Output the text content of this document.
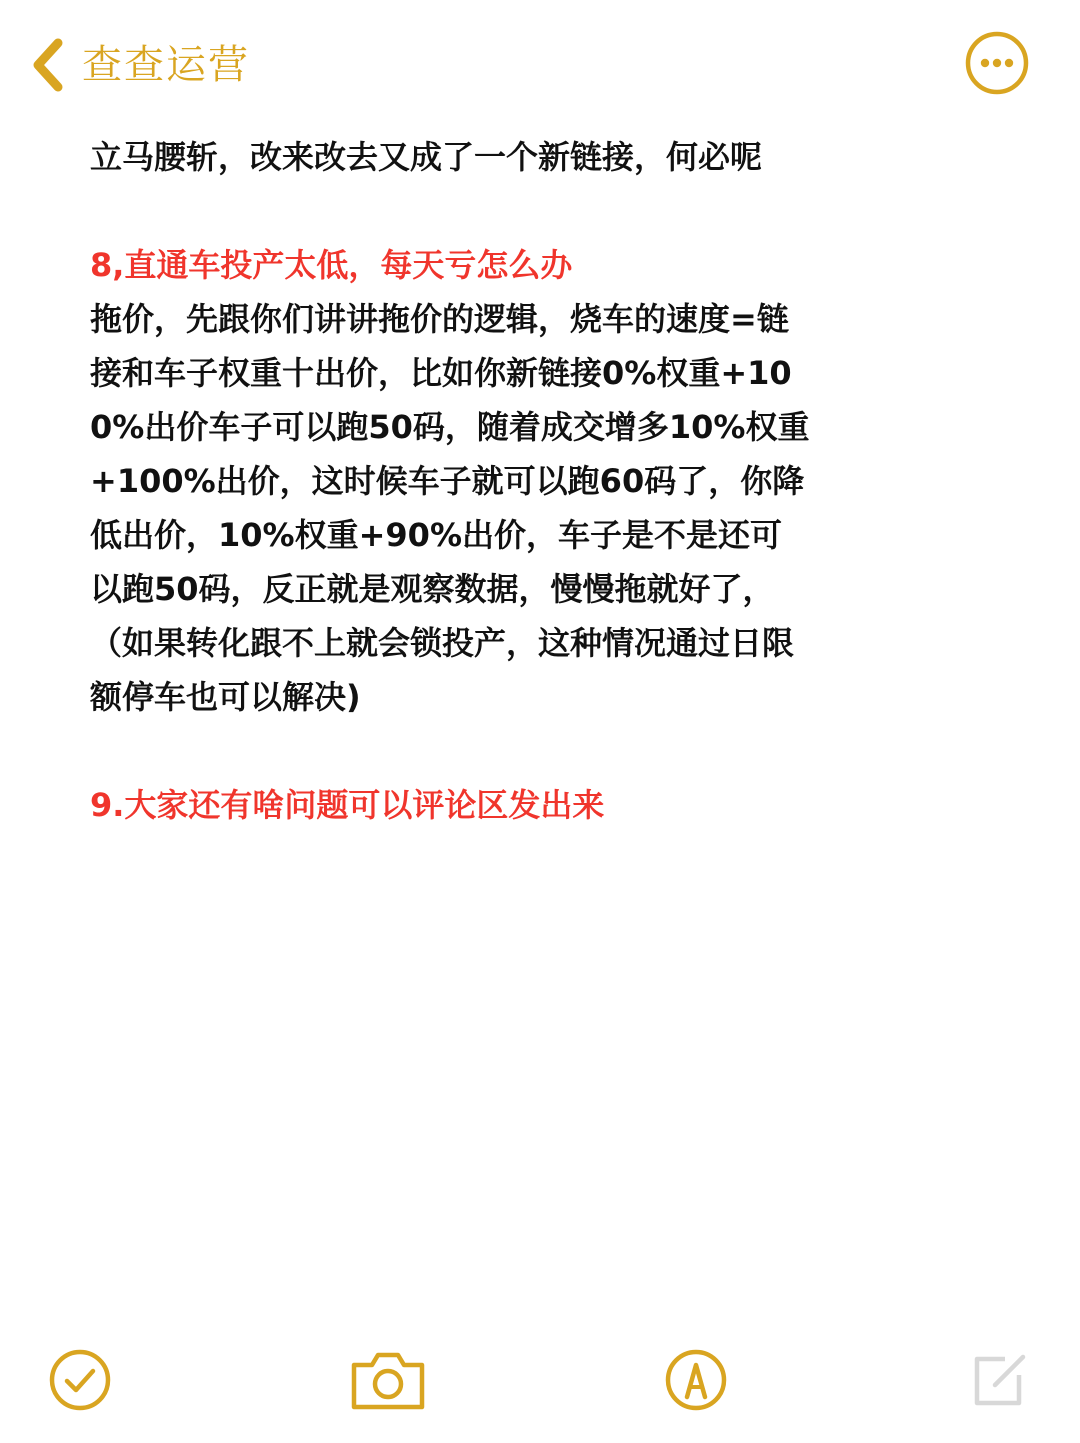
查查运营

立马腰斩，改来改去又成了一个新链接，何必呢

8,直通车投产太低，每天亏怎么办

拖价，先跟你们讲讲拖价的逻辑，烧车的速度=链接和车子权重十出价，比如你新链接0%权重+100%出价车子可以跑50码，随着成交增多10%权重+100%出价，这时候车子就可以跑60码了，你降低出价，10%权重+90%出价，车子是不是还可以跑50码，反正就是观察数据，慢慢拖就好了，（如果转化跟不上就会锁投产，这种情况通过日限额停车也可以解决)

9.大家还有啥问题可以评论区发出来
